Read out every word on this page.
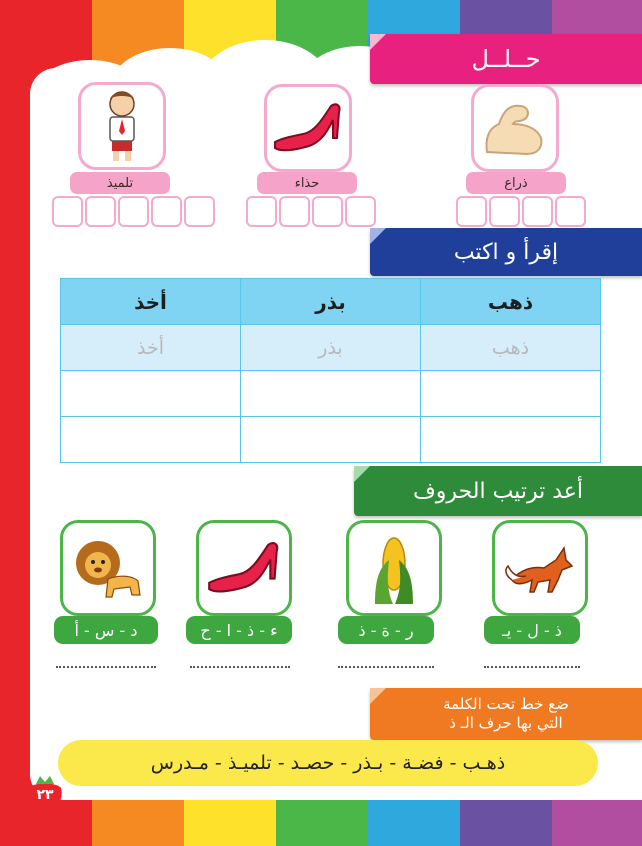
حــلــل
ذراع
حذاء
تلميذ
إقرأ و اكتب
أخذ	بذر	ذهب
أخذ	بذر	ذهب

أعد ترتيب الحروف
ذ - ل - يـ
ر - ة - ذ
ء - ذ - ا - ح
د - س - أ
ضع خط تحت الكلمة
التي بها حرف الـ ذ
ذهـب - فضـة - بـذر - حصـد - تلميـذ - مـدرس
٢٣
